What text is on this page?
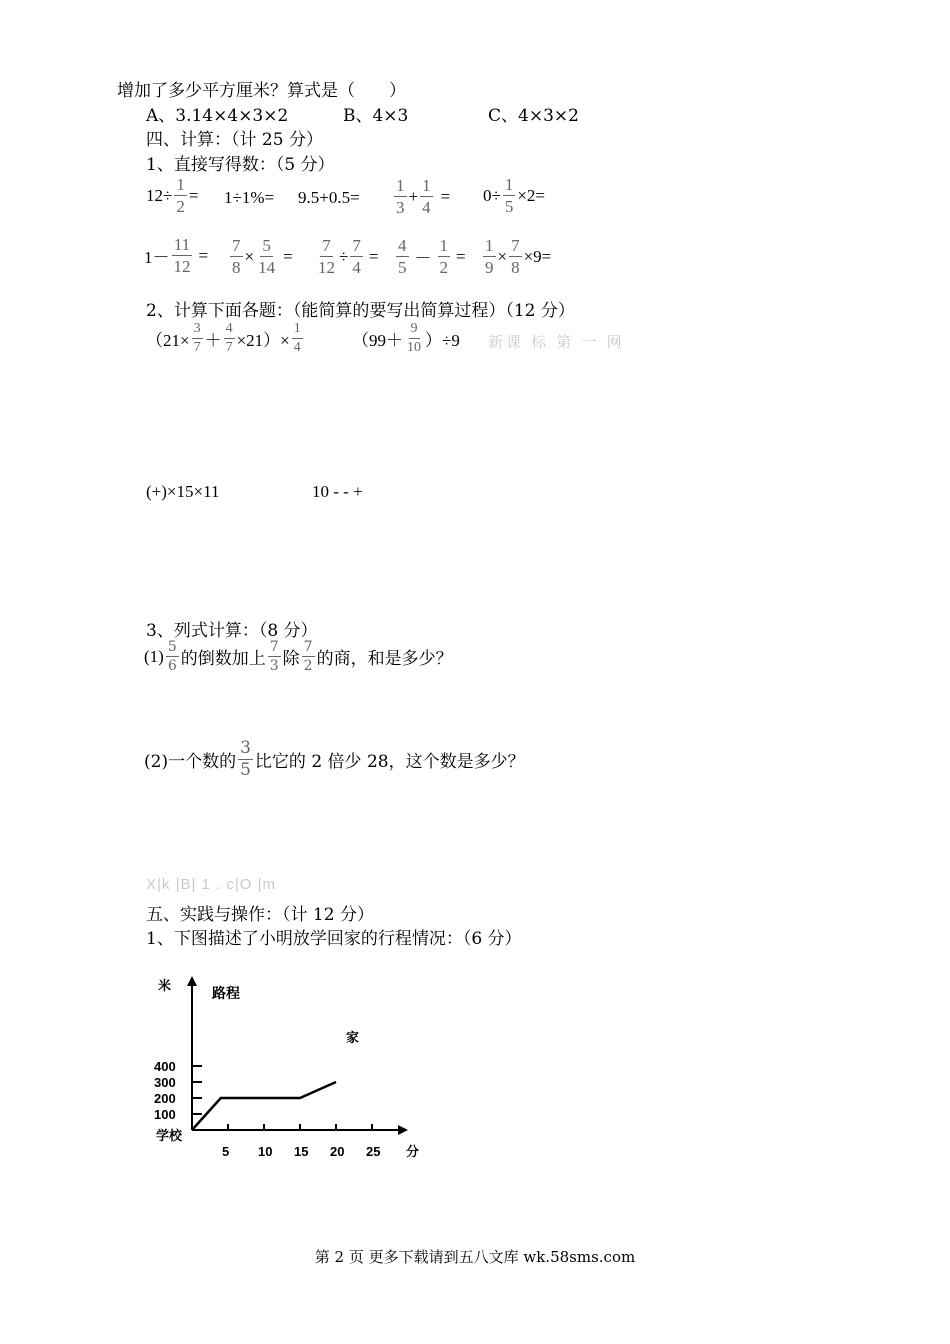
增加了多少平方厘米？算式是（　　）
A、3.14×4×3×2	B、4×3	C、4×3×2
四、计算：（计 25 分）
1、直接写得数：（5 分）
$12\div \frac{1}{2} = 1\div 1\%= 9.5+0.5= \frac{1}{3} + \frac{1}{4} = 0\div \frac{1}{5} \times 2=$
$1- \frac{11}{12} = \frac{7}{8} \times \frac{5}{14} = \frac{7}{12} \div \frac{7}{4} = \frac{4}{5} - \frac{1}{2} = \frac{1}{9} \times \frac{7}{8} \times 9=$
2、计算下面各题：（能简算的要写出简算过程）（12 分）
$(21\times \frac{3}{7} + \frac{4}{7} \times 21)\times \frac{1}{4}$	$(99+ \frac{9}{10} )\div 9$ 新课 标 第 一 网
(+)×15×11	10 - - +
3、列式计算：（8 分）
$(1) \frac{5}{6}$ 的倒数加上 $\frac{7}{3}$ 除 $\frac{7}{2}$ 的商，和是多少？
(2)一个数的 $\frac{3}{5}$ 比它的 2 倍少 28，这个数是多少？
X|k |B| 1 . c|O |m
五、实践与操作：（计 12 分）
1、下图描述了小明放学回家的行程情况：（6 分）
400
300
200
100
5 10 15 20 25
米	路程
分
学校
家
第 2 页 更多下载请到五八文库 wk.58sms.com
